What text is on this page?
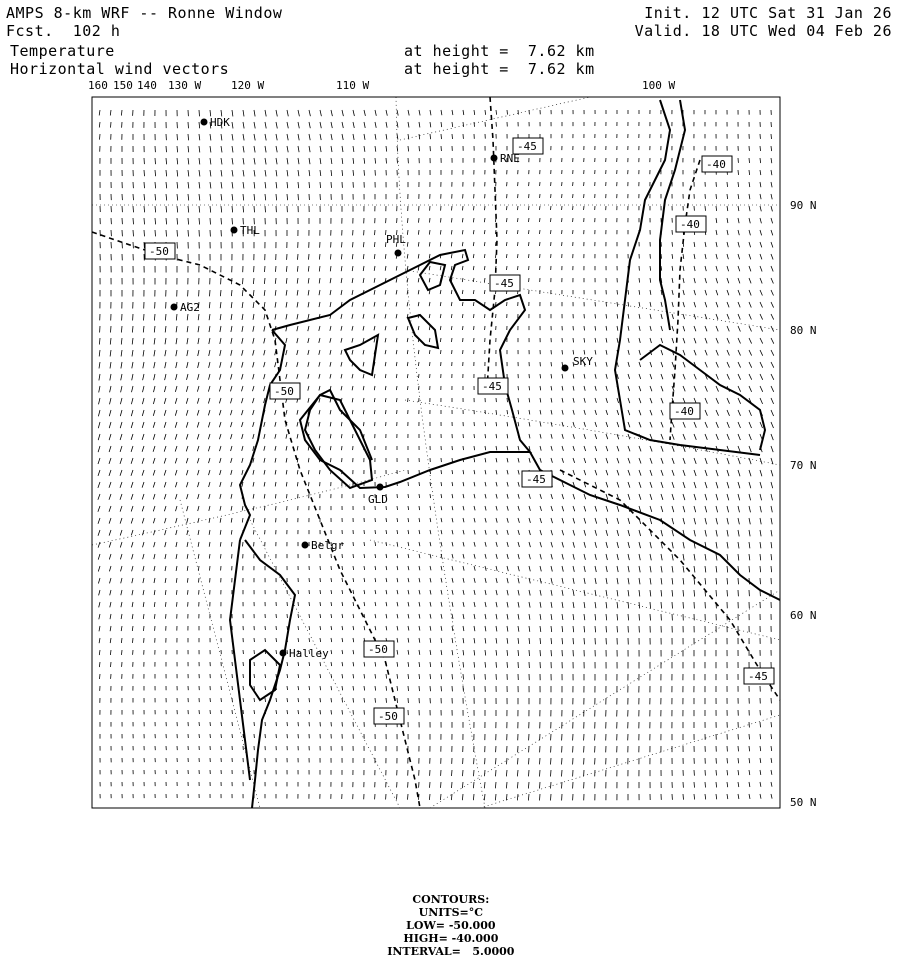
AMPS 8-km WRF -- Ronne Window
Fcst. 102 h
Temperature
Horizontal wind vectors
at height =  7.62 km
at height =  7.62 km
Init. 12 UTC Sat 31 Jan 26
Valid. 18 UTC Wed 04 Feb 26
-45
-40
-50
-40
-45
-45
-50
-40
-45
-50
-50
-45
HDK
RNE
THL
PHL
AG2
SKY
GLD
Belgr
Halley
160 150 140 130 W	120 W	110 W	100 W
90 N
80 N
70 N
60 N
50 N

CONTOURS:
UNITS=°C
LOW= -50.000
HIGH= -40.000
INTERVAL=   5.0000
